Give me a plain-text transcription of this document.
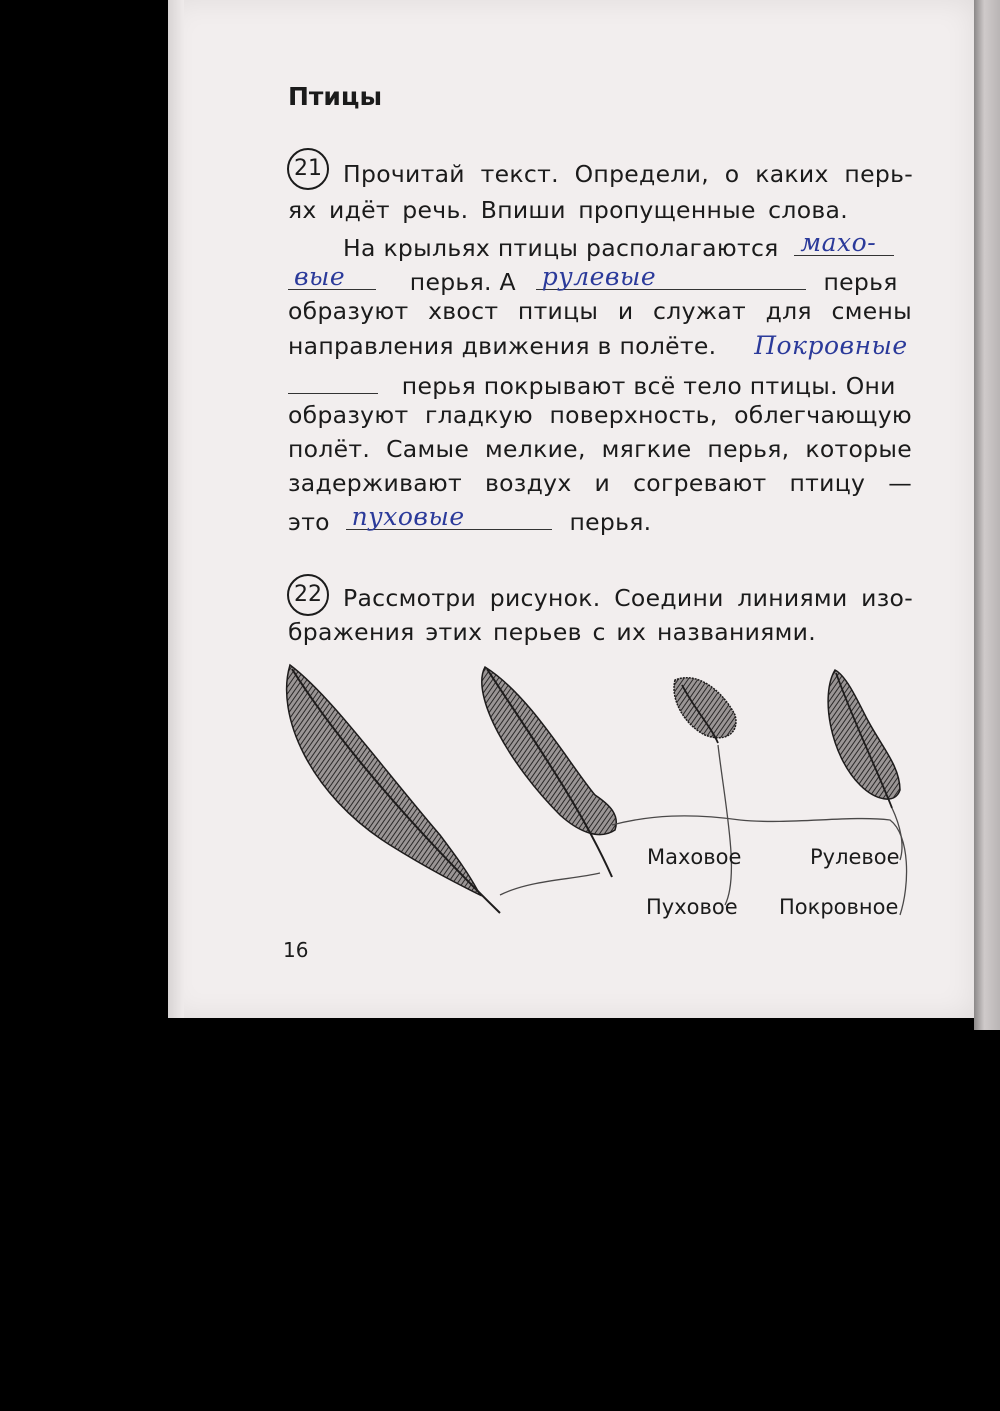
Птицы
21 Прочитай текст. Определи, о каких перь-
ях идёт речь. Впиши пропущенные слова.
На крыльях птицы располагаются махо-
вые	перья. А рулевые	перья
образуют хвост птицы и служат для смены
направления движения в полёте. Покровные
перья покрывают всё тело птицы. Они
образуют гладкую поверхность, облегчающую
полёт. Самые мелкие, мягкие перья, которые
задерживают воздух и согревают птицу —
это пуховые	перья.
22 Рассмотри рисунок. Соедини линиями изо-
бражения этих перьев с их названиями.
Маховое	Рулевое
Пуховое Покровное
16
